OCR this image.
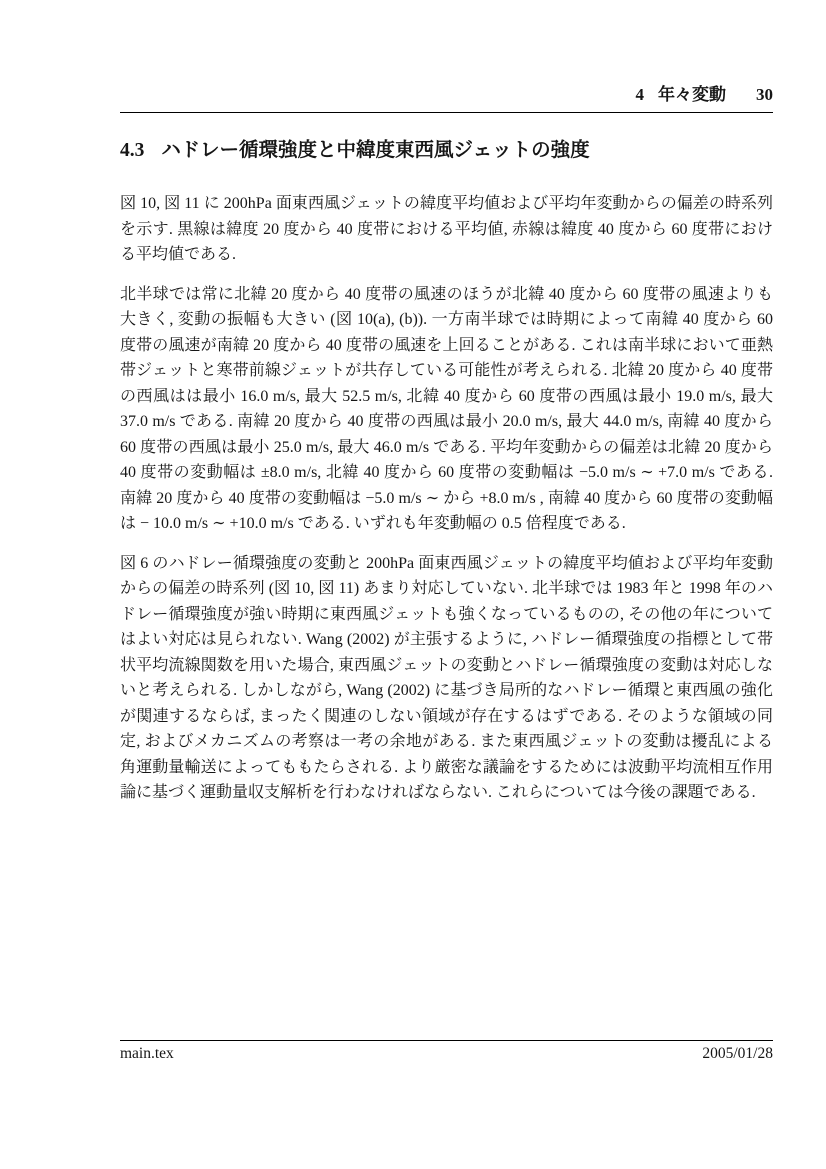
4 年々変動 30
4.3 ハドレー循環強度と中緯度東西風ジェットの強度

図 10, 図 11 に 200hPa 面東西風ジェットの緯度平均値および平均年変動からの偏差の時系列を示す. 黒線は緯度 20 度から 40 度帯における平均値, 赤線は緯度 40 度から 60 度帯における平均値である.

北半球では常に北緯 20 度から 40 度帯の風速のほうが北緯 40 度から 60 度帯の風速よりも大きく, 変動の振幅も大きい (図 10(a), (b)). 一方南半球では時期によって南緯 40 度から 60 度帯の風速が南緯 20 度から 40 度帯の風速を上回ることがある. これは南半球において亜熱帯ジェットと寒帯前線ジェットが共存している可能性が考えられる. 北緯 20 度から 40 度帯の西風はは最小 16.0 m/s, 最大 52.5 m/s, 北緯 40 度から 60 度帯の西風は最小 19.0 m/s, 最大 37.0 m/s である. 南緯 20 度から 40 度帯の西風は最小 20.0 m/s, 最大 44.0 m/s, 南緯 40 度から 60 度帯の西風は最小 25.0 m/s, 最大 46.0 m/s である. 平均年変動からの偏差は北緯 20 度から 40 度帯の変動幅は ±8.0 m/s, 北緯 40 度から 60 度帯の変動幅は −5.0 m/s ∼ +7.0 m/s である. 南緯 20 度から 40 度帯の変動幅は −5.0 m/s ∼ から +8.0 m/s , 南緯 40 度から 60 度帯の変動幅は − 10.0 m/s ∼ +10.0 m/s である. いずれも年変動幅の 0.5 倍程度である.

図 6 のハドレー循環強度の変動と 200hPa 面東西風ジェットの緯度平均値および平均年変動からの偏差の時系列 (図 10, 図 11) あまり対応していない. 北半球では 1983 年と 1998 年のハドレー循環強度が強い時期に東西風ジェットも強くなっているものの, その他の年についてはよい対応は見られない. Wang (2002) が主張するように, ハドレー循環強度の指標として帯状平均流線関数を用いた場合, 東西風ジェットの変動とハドレー循環強度の変動は対応しないと考えられる. しかしながら, Wang (2002) に基づき局所的なハドレー循環と東西風の強化が関連するならば, まったく関連のしない領域が存在するはずである. そのような領域の同定, およびメカニズムの考察は一考の余地がある. また東西風ジェットの変動は擾乱による角運動量輸送によってももたらされる. より厳密な議論をするためには波動平均流相互作用論に基づく運動量収支解析を行わなければならない. これらについては今後の課題である.

main.tex	2005/01/28
